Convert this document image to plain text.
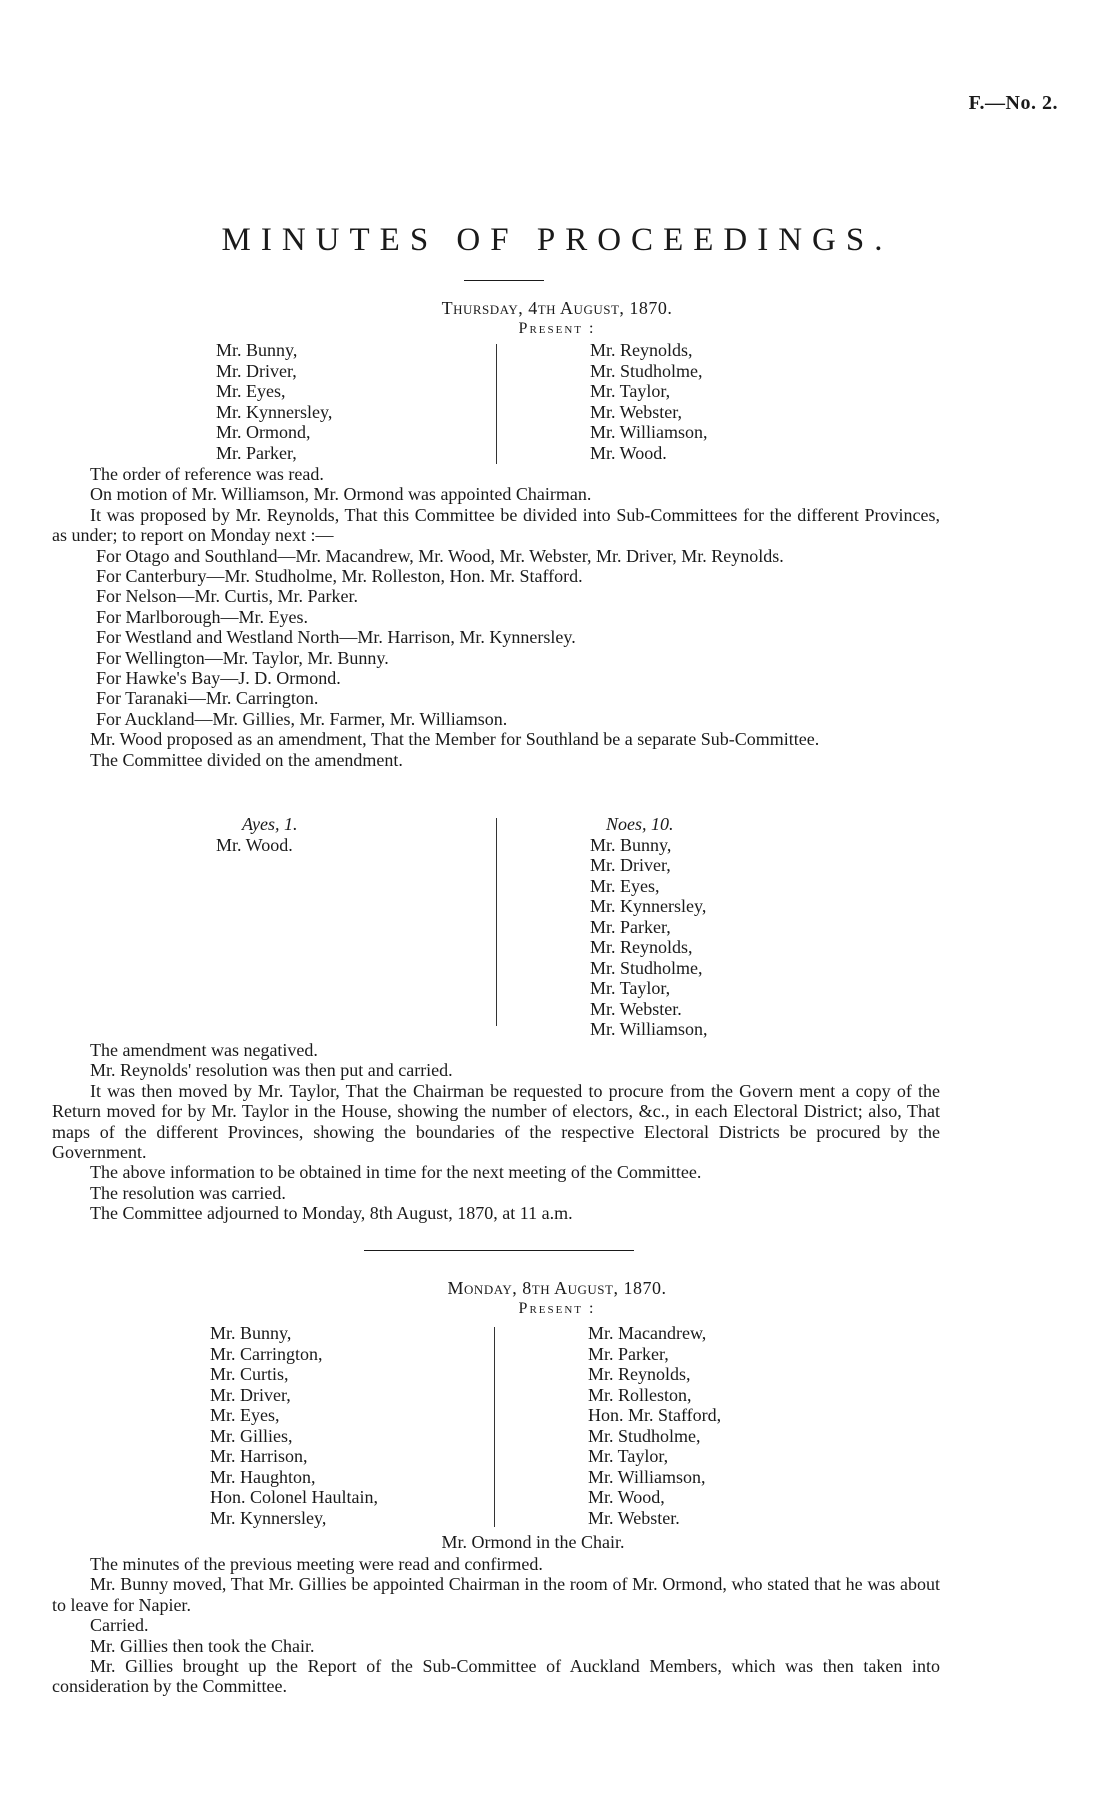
F.—No. 2.
MINUTES OF PROCEEDINGS.
Thursday, 4th August, 1870.
Present :
Mr. Bunny,
Mr. Driver,
Mr. Eyes,
Mr. Kynnersley,
Mr. Ormond,
Mr. Parker,
Mr. Reynolds,
Mr. Studholme,
Mr. Taylor,
Mr. Webster,
Mr. Williamson,
Mr. Wood.

The order of reference was read.

On motion of Mr. Williamson, Mr. Ormond was appointed Chairman.

It was proposed by Mr. Reynolds, That this Committee be divided into Sub-Committees for the different Provinces, as under; to report on Monday next :—

For Otago and Southland—Mr. Macandrew, Mr. Wood, Mr. Webster, Mr. Driver, Mr. Reynolds.

For Canterbury—Mr. Studholme, Mr. Rolleston, Hon. Mr. Stafford.

For Nelson—Mr. Curtis, Mr. Parker.

For Marlborough—Mr. Eyes.

For Westland and Westland North—Mr. Harrison, Mr. Kynnersley.

For Wellington—Mr. Taylor, Mr. Bunny.

For Hawke's Bay—J. D. Ormond.

For Taranaki—Mr. Carrington.

For Auckland—Mr. Gillies, Mr. Farmer, Mr. Williamson.

Mr. Wood proposed as an amendment, That the Member for Southland be a separate Sub-Committee.

The Committee divided on the amendment.

Ayes, 1.
Mr. Wood.
Noes, 10.
Mr. Bunny,
Mr. Driver,
Mr. Eyes,
Mr. Kynnersley,
Mr. Parker,
Mr. Reynolds,
Mr. Studholme,
Mr. Taylor,
Mr. Webster.
Mr. Williamson,

The amendment was negatived.

Mr. Reynolds' resolution was then put and carried.

It was then moved by Mr. Taylor, That the Chairman be requested to procure from the Govern ment a copy of the Return moved for by Mr. Taylor in the House, showing the number of electors, &c., in each Electoral District; also, That maps of the different Provinces, showing the boundaries of the respective Electoral Districts be procured by the Government.

The above information to be obtained in time for the next meeting of the Committee.

The resolution was carried.

The Committee adjourned to Monday, 8th August, 1870, at 11 a.m.

Monday, 8th August, 1870.
Present :
Mr. Bunny,
Mr. Carrington,
Mr. Curtis,
Mr. Driver,
Mr. Eyes,
Mr. Gillies,
Mr. Harrison,
Mr. Haughton,
Hon. Colonel Haultain,
Mr. Kynnersley,
Mr. Macandrew,
Mr. Parker,
Mr. Reynolds,
Mr. Rolleston,
Hon. Mr. Stafford,
Mr. Studholme,
Mr. Taylor,
Mr. Williamson,
Mr. Wood,
Mr. Webster.
Mr. Ormond in the Chair.

The minutes of the previous meeting were read and confirmed.

Mr. Bunny moved, That Mr. Gillies be appointed Chairman in the room of Mr. Ormond, who stated that he was about to leave for Napier.

Carried.

Mr. Gillies then took the Chair.

Mr. Gillies brought up the Report of the Sub-Committee of Auckland Members, which was then taken into consideration by the Committee.
